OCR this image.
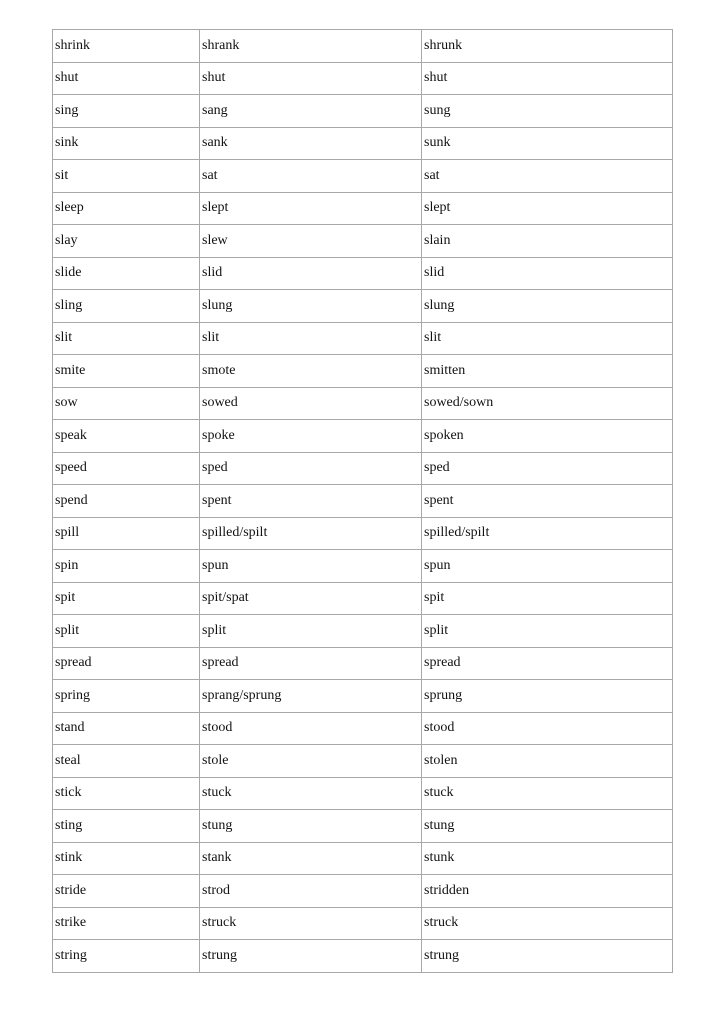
shrink	shrank	shrunk
shut	shut	shut
sing	sang	sung
sink	sank	sunk
sit	sat	sat
sleep	slept	slept
slay	slew	slain
slide	slid	slid
sling	slung	slung
slit	slit	slit
smite	smote	smitten
sow	sowed	sowed/sown
speak	spoke	spoken
speed	sped	sped
spend	spent	spent
spill	spilled/spilt	spilled/spilt
spin	spun	spun
spit	spit/spat	spit
split	split	split
spread	spread	spread
spring	sprang/sprung	sprung
stand	stood	stood
steal	stole	stolen
stick	stuck	stuck
sting	stung	stung
stink	stank	stunk
stride	strod	stridden
strike	struck	struck
string	strung	strung
